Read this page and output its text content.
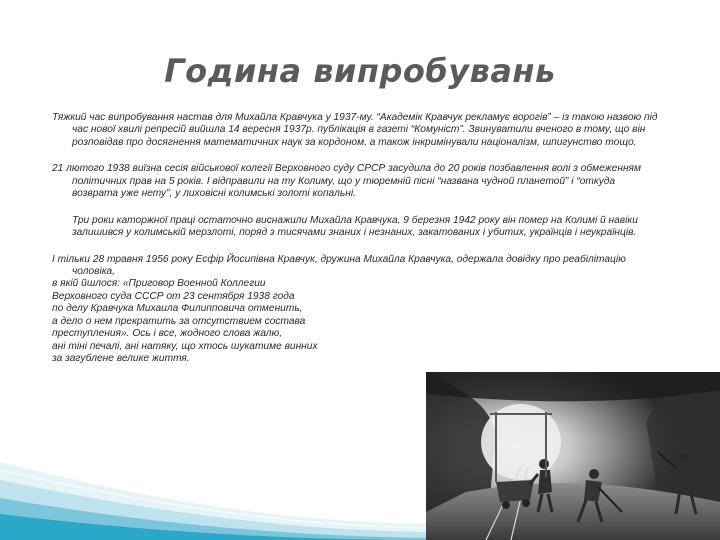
Година випробувань

Тяжкий час випробування настав для Михайла Кравчука у 1937-му. “Академік Кравчук рекламує ворогів” – із такою назвою під час нової хвилі репресій вийшла 14 вересня 1937р. публікація в газеті “Комуніст”. Звинуватили вченого в тому, що він розповідав про досягнення математичних наук за кордоном, а також інкримінували націоналізм, шпигунство тощо.

21 лютого 1938 виїзна сесія військової колегії Верховного суду СРСР засудила до 20 років позбавлення волі з обмеженням політичних прав на 5 років. І відправили на ту Колиму, що у тюремній пісні “названа чудной планетой” і “откуда возврата уже нету”, у лиховісні колимські золоті копальні.

Три роки каторжної праці остаточно виснажили Михайла Кравчука. 9 березня 1942 року він помер на Колимі й навіки залишився у колимській мерзлоті, поряд з тисячами знаних і незнаних, закатованих і убитих, українців і неукраїнців.

І тільки 28 травня 1956 року Есфір Йосипівна Кравчук, дружина Михайла Кравчука, одержала довідку про реабілітацію чоловіка,
в якій йшлося: «Приговор Военной Коллегии
Верховного суда СССР от 23 сентября 1938 года
по делу Кравчука Михаила Филипповича отменить,
а дело о нем прекратить за отсутствием состава
преступления». Ось і все, жодного слова жалю,
ані тіні печалі, ані натяку, що хтось шукатиме винних
за загублене велике життя.
